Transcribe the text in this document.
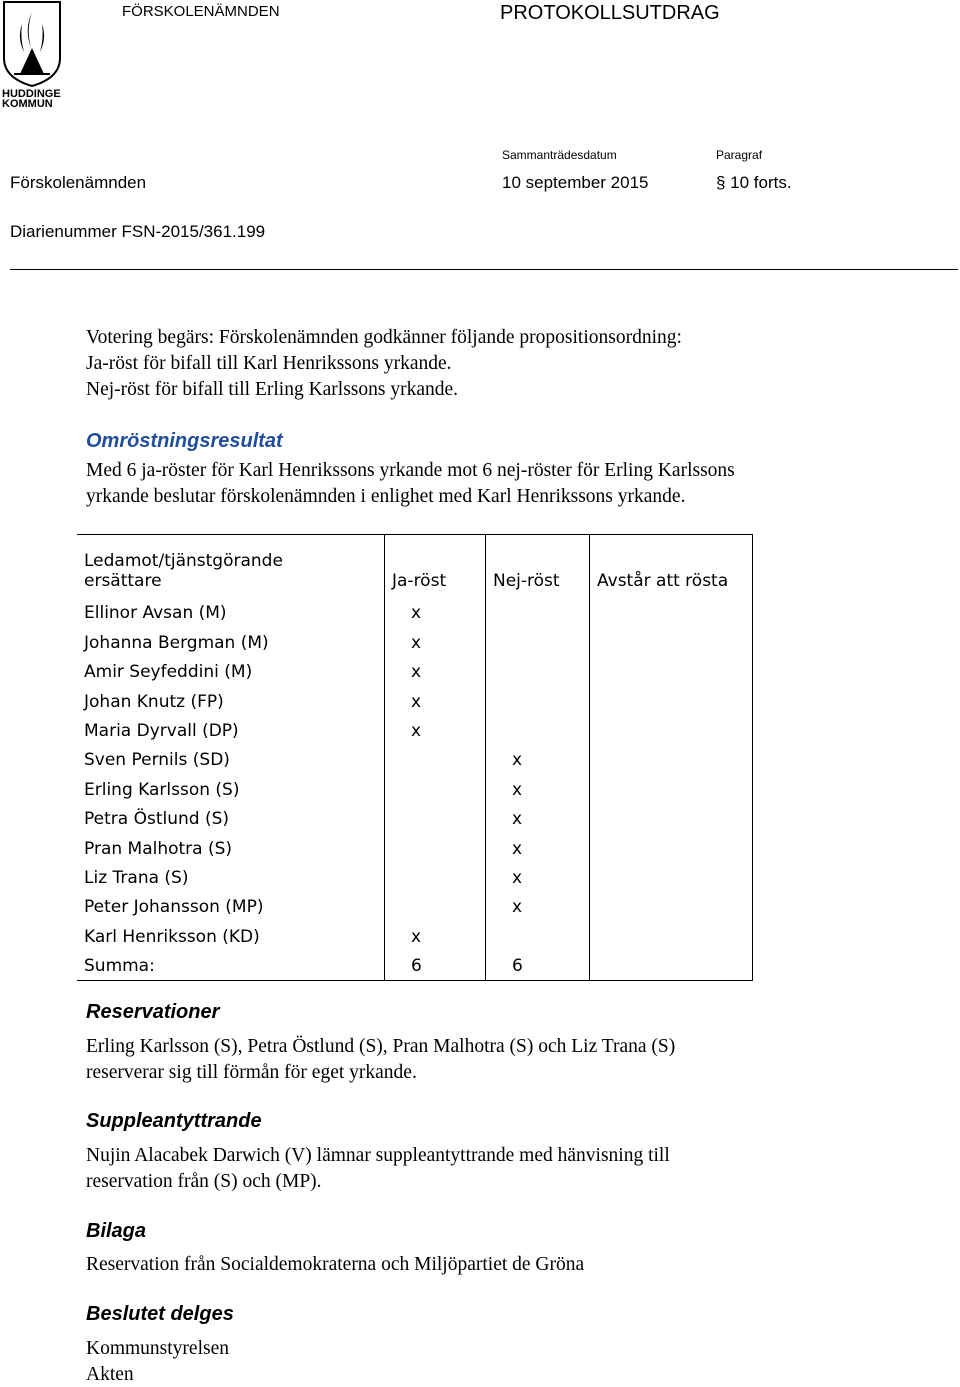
HUDDINGE
KOMMUN
FÖRSKOLENÄMNDEN	PROTOKOLLSUTDRAG
Sammanträdesdatum	Paragraf
Förskolenämnden	10 september 2015	§ 10 forts.
Diarienummer FSN-2015/361.199
Votering begärs: Förskolenämnden godkänner följande propositionsordning:
Ja-röst för bifall till Karl Henrikssons yrkande.
Nej-röst för bifall till Erling Karlssons yrkande.
Omröstningsresultat
Med 6 ja-röster för Karl Henrikssons yrkande mot 6 nej-röster för Erling Karlssons
yrkande beslutar förskolenämnden i enlighet med Karl Henrikssons yrkande.
Ledamot/tjänstgörande
ersättare	Ja-röst	Nej-röst	Avstår att rösta
Ellinor Avsan (M)	x		
Johanna Bergman (M)	x		
Amir Seyfeddini (M)	x		
Johan Knutz (FP)	x		
Maria Dyrvall (DP)	x		
Sven Pernils (SD)		x	
Erling Karlsson (S)		x	
Petra Östlund (S)		x	
Pran Malhotra (S)		x	
Liz Trana (S)		x	
Peter Johansson (MP)		x	
Karl Henriksson (KD)	x		
Summa:	6	6	
Reservationer
Erling Karlsson (S), Petra Östlund (S), Pran Malhotra (S) och Liz Trana (S)
reserverar sig till förmån för eget yrkande.
Suppleantyttrande
Nujin Alacabek Darwich (V) lämnar suppleantyttrande med hänvisning till
reservation från (S) och (MP).
Bilaga
Reservation från Socialdemokraterna och Miljöpartiet de Gröna
Beslutet delges
Kommunstyrelsen
Akten
